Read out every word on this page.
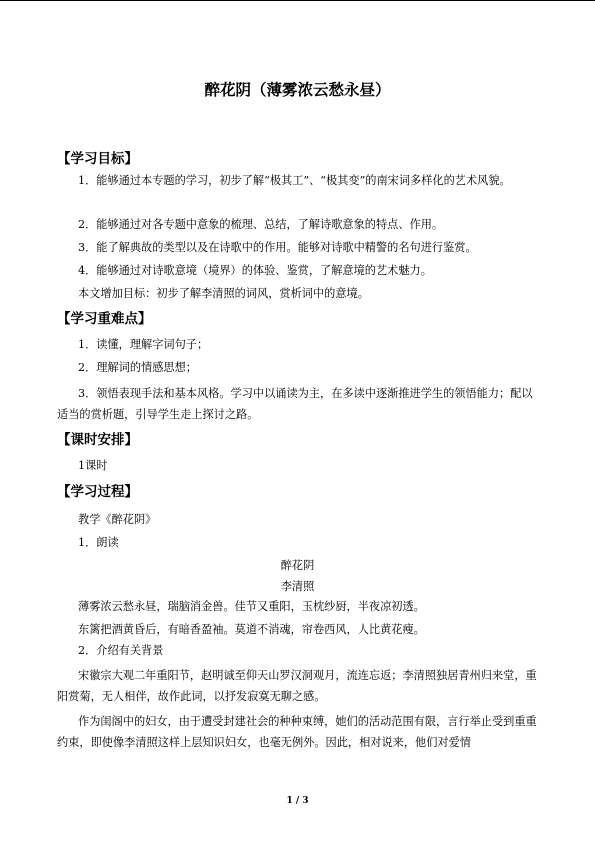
醉花阴（薄雾浓云愁永昼）
【学习目标】
1．能够通过本专题的学习，初步了解“极其工”、“极其变”的南宋词多样化的艺术风貌。
2．能够通过对各专题中意象的梳理、总结，了解诗歌意象的特点、作用。
3．能了解典故的类型以及在诗歌中的作用。能够对诗歌中精警的名句进行鉴赏。
4．能够通过对诗歌意境（境界）的体验、鉴赏，了解意境的艺术魅力。
本文增加目标：初步了解李清照的词风，赏析词中的意境。
【学习重难点】
1．读懂，理解字词句子；
2．理解词的情感思想；
3．领悟表现手法和基本风格。学习中以诵读为主，在多读中逐渐推进学生的领悟能力；配以适当的赏析题，引导学生走上探讨之路。
【课时安排】
1课时
【学习过程】
教学《醉花阴》
1．朗读
醉花阴
李清照
薄雾浓云愁永昼，瑞脑消金兽。佳节又重阳，玉枕纱厨，半夜凉初透。
东篱把酒黄昏后，有暗香盈袖。莫道不消魂，帘卷西风，人比黄花瘦。
2．介绍有关背景
宋徽宗大观二年重阳节，赵明诚至仰天山罗汉洞观月，流连忘返；李清照独居青州归来堂，重阳赏菊，无人相伴，故作此词，以抒发寂寞无聊之感。
作为闺阁中的妇女，由于遭受封建社会的种种束缚，她们的活动范围有限，言行举止受到重重约束，即使像李清照这样上层知识妇女，也毫无例外。因此，相对说来，他们对爱情
1 / 3
